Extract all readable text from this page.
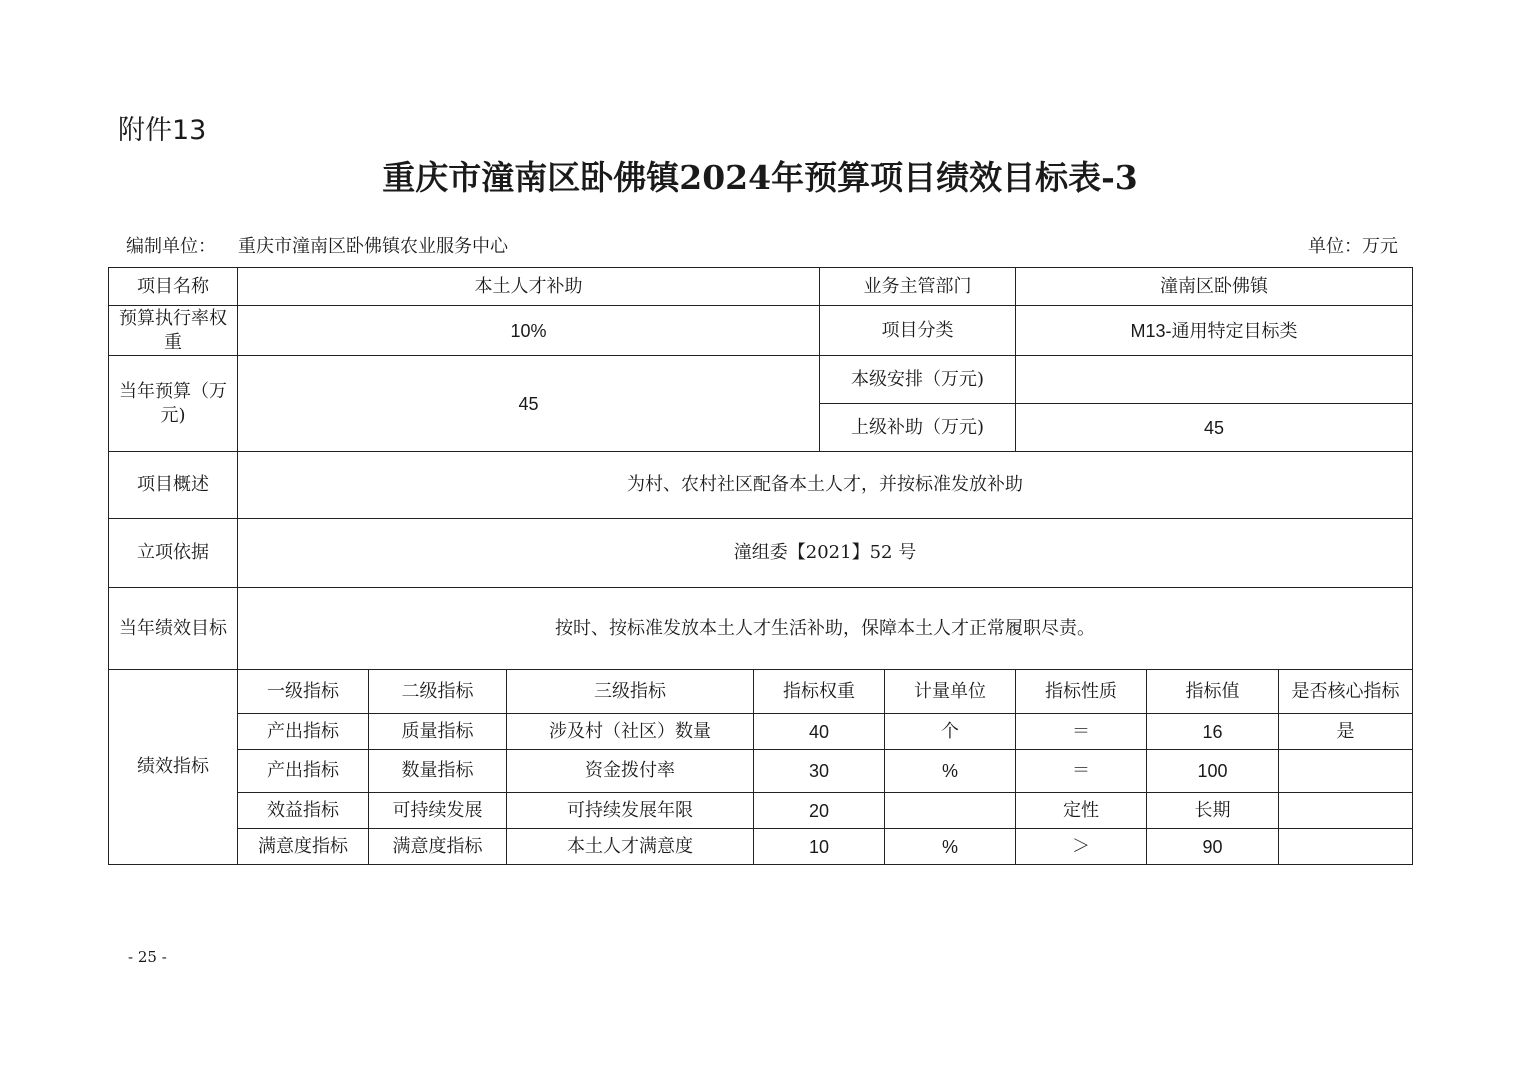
附件13
重庆市潼南区卧佛镇2024年预算项目绩效目标表-3
编制单位： 重庆市潼南区卧佛镇农业服务中心	单位：万元
项目名称	本土人才补助				业务主管部门		潼南区卧佛镇		
预算执行率权重	10%				项目分类		M13-通用特定目标类		
当年预算（万元)	45				本级安排（万元)				
					上级补助（万元)		45		
项目概述	为村、农村社区配备本土人才，并按标准发放补助								
立项依据	潼组委【2021】52 号								
当年绩效目标	按时、按标准发放本土人才生活补助，保障本土人才正常履职尽责。								
绩效指标	一级指标	二级指标	三级指标	指标权重		计量单位	指标性质	指标值	是否核心指标
	产出指标	质量指标	涉及村（社区）数量	40		个	＝	16	是
	产出指标	数量指标	资金拨付率	30		%	＝	100	
	效益指标	可持续发展	可持续发展年限	20			定性	长期	
	满意度指标	满意度指标	本土人才满意度	10		%	＞	90	
- 25 -
